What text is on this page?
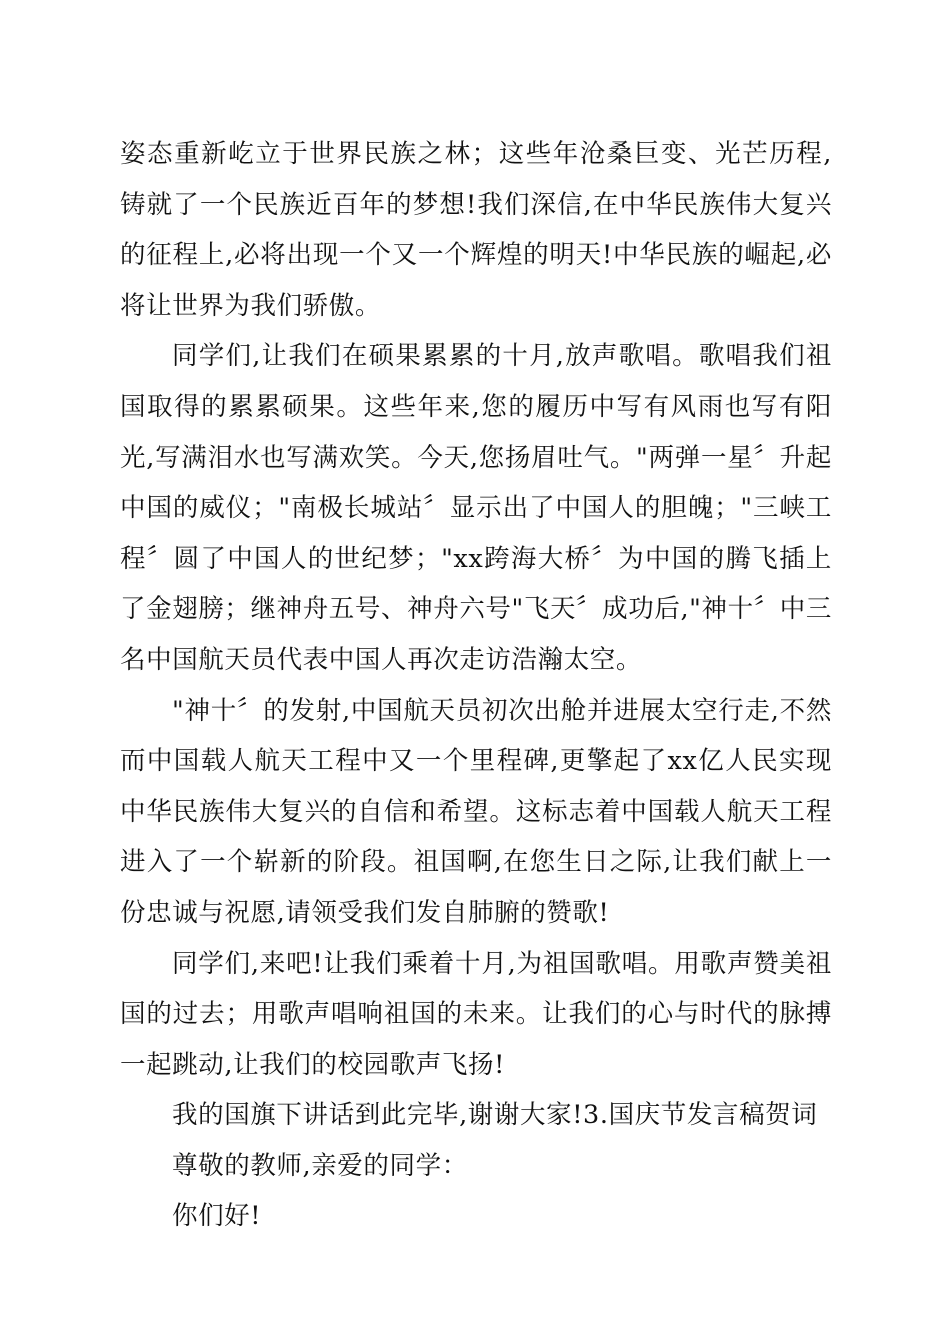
姿态重新屹立于世界民族之林；这些年沧桑巨变、光芒历程,铸就了一个民族近百年的梦想!我们深信,在中华民族伟大复兴的征程上,必将出现一个又一个辉煌的明天!中华民族的崛起,必将让世界为我们骄傲。

同学们,让我们在硕果累累的十月,放声歌唱。歌唱我们祖国取得的累累硕果。这些年来,您的履历中写有风雨也写有阳光,写满泪水也写满欢笑。今天,您扬眉吐气。"两弹一星〞升起中国的威仪；"南极长城站〞显示出了中国人的胆魄；"三峡工程〞圆了中国人的世纪梦；"xx跨海大桥〞为中国的腾飞插上了金翅膀；继神舟五号、神舟六号"飞天〞成功后,"神十〞中三名中国航天员代表中国人再次走访浩瀚太空。

"神十〞的发射,中国航天员初次出舱并进展太空行走,不然而中国载人航天工程中又一个里程碑,更擎起了xx亿人民实现中华民族伟大复兴的自信和希望。这标志着中国载人航天工程进入了一个崭新的阶段。祖国啊,在您生日之际,让我们献上一份忠诚与祝愿,请领受我们发自肺腑的赞歌!

同学们,来吧!让我们乘着十月,为祖国歌唱。用歌声赞美祖国的过去；用歌声唱响祖国的未来。让我们的心与时代的脉搏一起跳动,让我们的校园歌声飞扬!

我的国旗下讲话到此完毕,谢谢大家!3.国庆节发言稿贺词

尊敬的教师,亲爱的同学：

你们好!
